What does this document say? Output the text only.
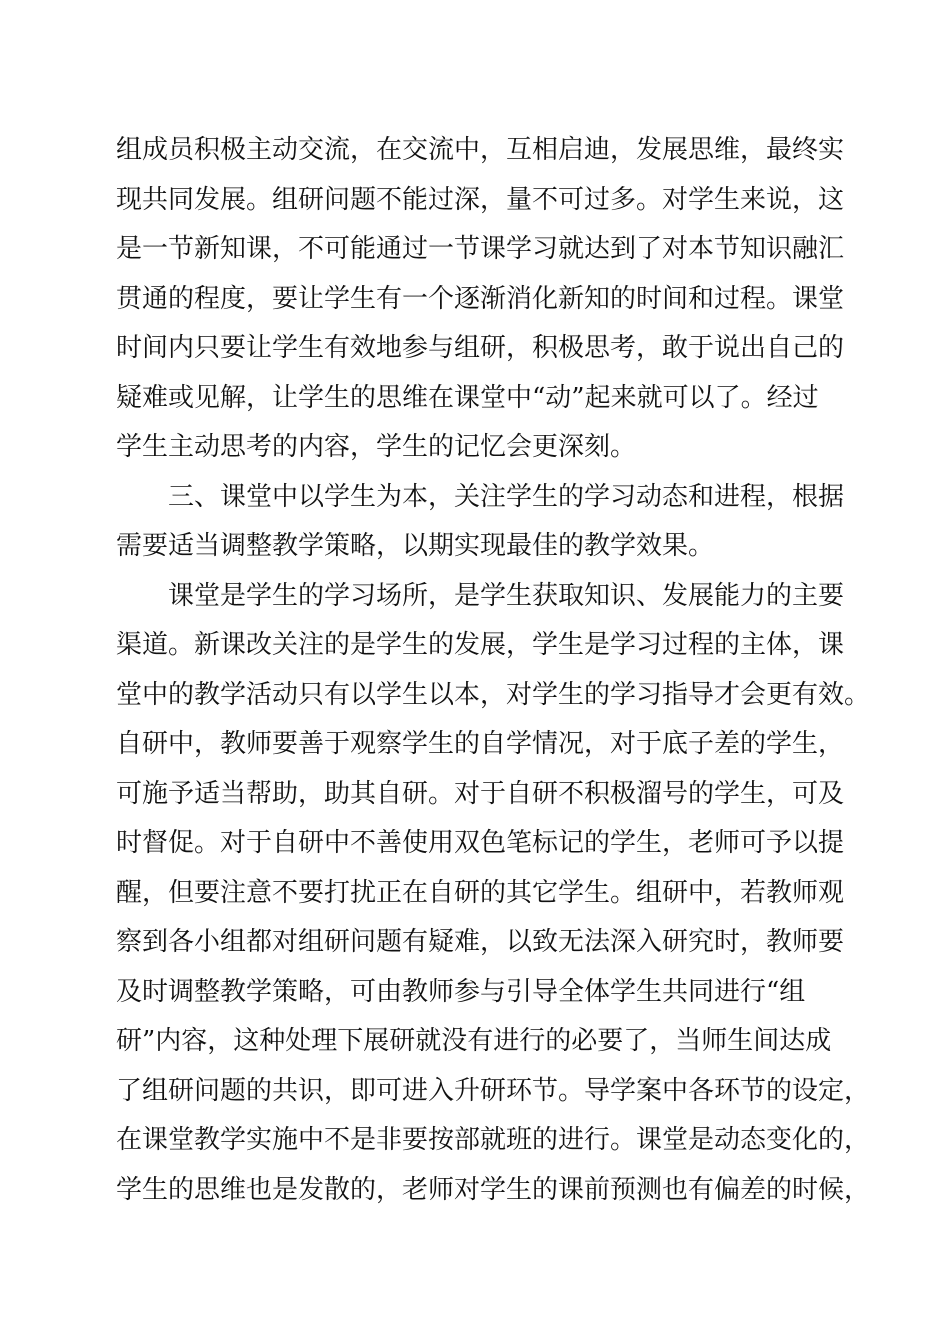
组成员积极主动交流，在交流中，互相启迪，发展思维，最终实
现共同发展。组研问题不能过深，量不可过多。对学生来说，这
是一节新知课，不可能通过一节课学习就达到了对本节知识融汇
贯通的程度，要让学生有一个逐渐消化新知的时间和过程。课堂
时间内只要让学生有效地参与组研，积极思考，敢于说出自己的
疑难或见解，让学生的思维在课堂中“动”起来就可以了。经过
学生主动思考的内容，学生的记忆会更深刻。
三、课堂中以学生为本，关注学生的学习动态和进程，根据
需要适当调整教学策略，以期实现最佳的教学效果。
课堂是学生的学习场所，是学生获取知识、发展能力的主要
渠道。新课改关注的是学生的发展，学生是学习过程的主体，课
堂中的教学活动只有以学生以本，对学生的学习指导才会更有效。
自研中，教师要善于观察学生的自学情况，对于底子差的学生，
可施予适当帮助，助其自研。对于自研不积极溜号的学生，可及
时督促。对于自研中不善使用双色笔标记的学生，老师可予以提
醒，但要注意不要打扰正在自研的其它学生。组研中，若教师观
察到各小组都对组研问题有疑难，以致无法深入研究时，教师要
及时调整教学策略，可由教师参与引导全体学生共同进行“组
研”内容，这种处理下展研就没有进行的必要了，当师生间达成
了组研问题的共识，即可进入升研环节。导学案中各环节的设定，
在课堂教学实施中不是非要按部就班的进行。课堂是动态变化的，
学生的思维也是发散的，老师对学生的课前预测也有偏差的时候，
